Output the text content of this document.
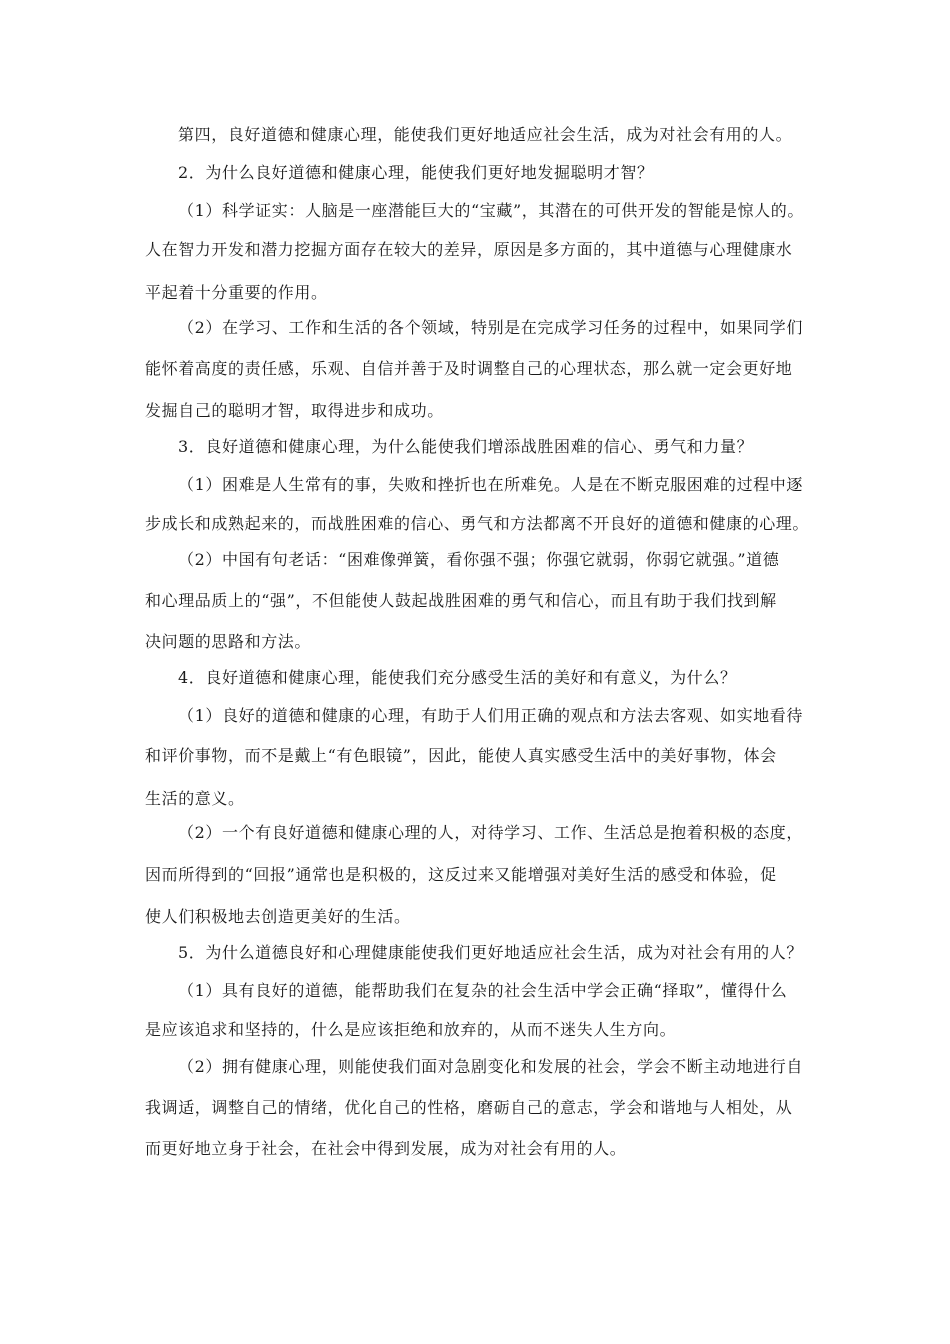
第四，良好道德和健康心理，能使我们更好地适应社会生活，成为对社会有用的人。
2．为什么良好道德和健康心理，能使我们更好地发掘聪明才智？
（1）科学证实：人脑是一座潜能巨大的“宝藏”，其潜在的可供开发的智能是惊人的。
人在智力开发和潜力挖掘方面存在较大的差异，原因是多方面的，其中道德与心理健康水
平起着十分重要的作用。
（2）在学习、工作和生活的各个领域，特别是在完成学习任务的过程中，如果同学们
能怀着高度的责任感，乐观、自信并善于及时调整自己的心理状态，那么就一定会更好地
发掘自己的聪明才智，取得进步和成功。
3．良好道德和健康心理，为什么能使我们增添战胜困难的信心、勇气和力量？
（1）困难是人生常有的事，失败和挫折也在所难免。人是在不断克服困难的过程中逐
步成长和成熟起来的，而战胜困难的信心、勇气和方法都离不开良好的道德和健康的心理。
（2）中国有句老话：“困难像弹簧，看你强不强；你强它就弱，你弱它就强。”道德
和心理品质上的“强”，不但能使人鼓起战胜困难的勇气和信心，而且有助于我们找到解
决问题的思路和方法。
4．良好道德和健康心理，能使我们充分感受生活的美好和有意义，为什么？
（1）良好的道德和健康的心理，有助于人们用正确的观点和方法去客观、如实地看待
和评价事物，而不是戴上“有色眼镜”，因此，能使人真实感受生活中的美好事物，体会
生活的意义。
（2）一个有良好道德和健康心理的人，对待学习、工作、生活总是抱着积极的态度，
因而所得到的“回报”通常也是积极的，这反过来又能增强对美好生活的感受和体验，促
使人们积极地去创造更美好的生活。
5．为什么道德良好和心理健康能使我们更好地适应社会生活，成为对社会有用的人？
（1）具有良好的道德，能帮助我们在复杂的社会生活中学会正确“择取”，懂得什么
是应该追求和坚持的，什么是应该拒绝和放弃的，从而不迷失人生方向。
（2）拥有健康心理，则能使我们面对急剧变化和发展的社会，学会不断主动地进行自
我调适，调整自己的情绪，优化自己的性格，磨砺自己的意志，学会和谐地与人相处，从
而更好地立身于社会，在社会中得到发展，成为对社会有用的人。
